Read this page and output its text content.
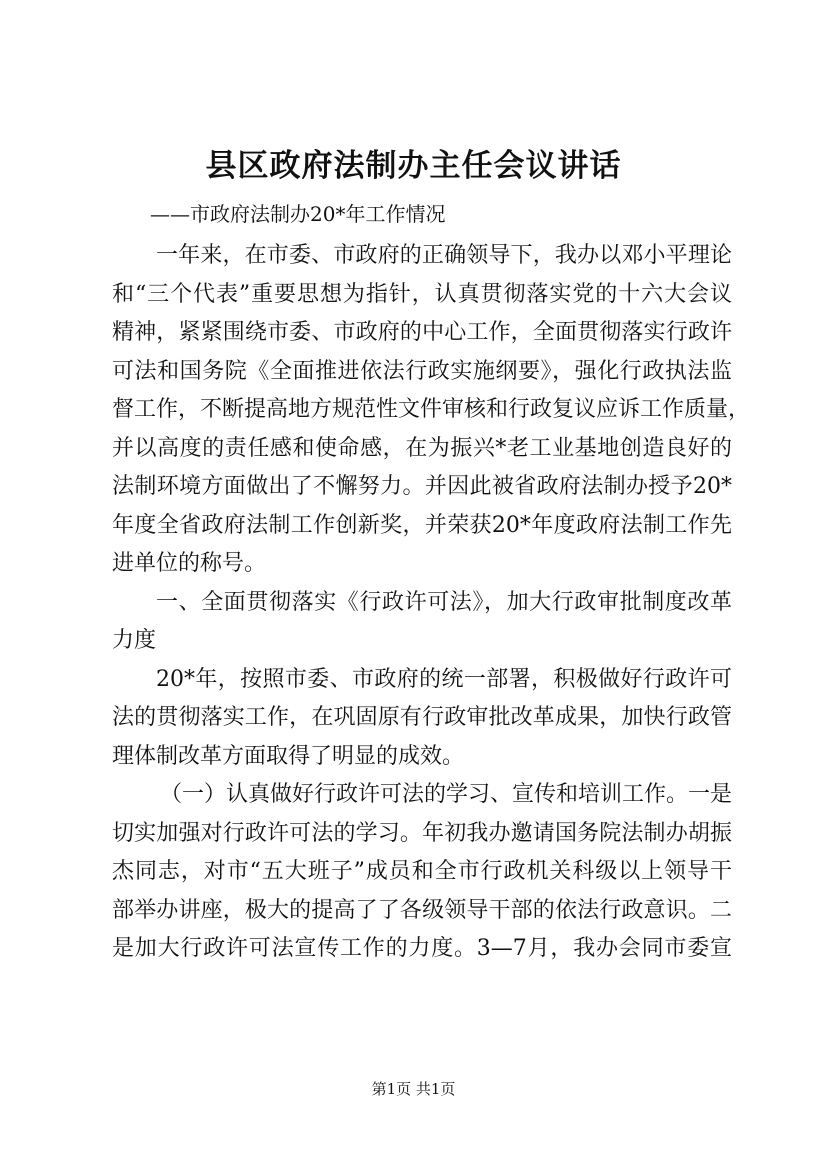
县区政府法制办主任会议讲话
——市政府法制办20*年工作情况
一年来，在市委、市政府的正确领导下，我办以邓小平理论
和“三个代表”重要思想为指针，认真贯彻落实党的十六大会议
精神，紧紧围绕市委、市政府的中心工作，全面贯彻落实行政许
可法和国务院《全面推进依法行政实施纲要》，强化行政执法监
督工作，不断提高地方规范性文件审核和行政复议应诉工作质量，
并以高度的责任感和使命感，在为振兴*老工业基地创造良好的
法制环境方面做出了不懈努力。并因此被省政府法制办授予20*
年度全省政府法制工作创新奖，并荣获20*年度政府法制工作先
进单位的称号。
一、全面贯彻落实《行政许可法》，加大行政审批制度改革
力度
20*年，按照市委、市政府的统一部署，积极做好行政许可
法的贯彻落实工作，在巩固原有行政审批改革成果，加快行政管
理体制改革方面取得了明显的成效。
（一）认真做好行政许可法的学习、宣传和培训工作。一是
切实加强对行政许可法的学习。年初我办邀请国务院法制办胡振
杰同志，对市“五大班子”成员和全市行政机关科级以上领导干
部举办讲座，极大的提高了了各级领导干部的依法行政意识。二
是加大行政许可法宣传工作的力度。3—7月，我办会同市委宣
第1页 共1页
